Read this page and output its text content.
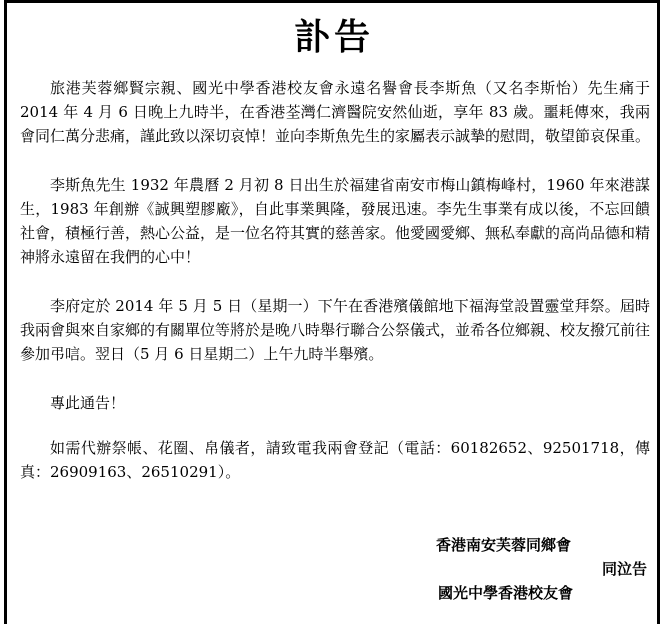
訃告

旅港芙蓉鄉賢宗親、國光中學香港校友會永遠名譽會長李斯魚（又名李斯怡）先生痛于 2014 年 4 月 6 日晚上九時半，在香港荃灣仁濟醫院安然仙逝，享年 83 歲。噩耗傳來，我兩會同仁萬分悲痛，謹此致以深切哀悼！並向李斯魚先生的家屬表示誠摯的慰問，敬望節哀保重。

李斯魚先生 1932 年農曆 2 月初 8 日出生於福建省南安市梅山鎮梅峰村，1960 年來港謀生，1983 年創辦《誠興塑膠廠》，自此事業興隆，發展迅速。李先生事業有成以後，不忘回饋社會，積極行善，熱心公益，是一位名符其實的慈善家。他愛國愛鄉、無私奉獻的高尚品德和精神將永遠留在我們的心中！

李府定於 2014 年 5 月 5 日（星期一）下午在香港殯儀館地下福海堂設置靈堂拜祭。屆時我兩會與來自家鄉的有關單位等將於是晚八時舉行聯合公祭儀式，並希各位鄉親、校友撥冗前往參加弔唁。翌日（5 月 6 日星期二）上午九時半舉殯。

專此通告！

如需代辦祭帳、花圈、帛儀者，請致電我兩會登記（電話：60182652、92501718，傳真：26909163、26510291）。

香港南安芙蓉同鄉會
同泣告
國光中學香港校友會
